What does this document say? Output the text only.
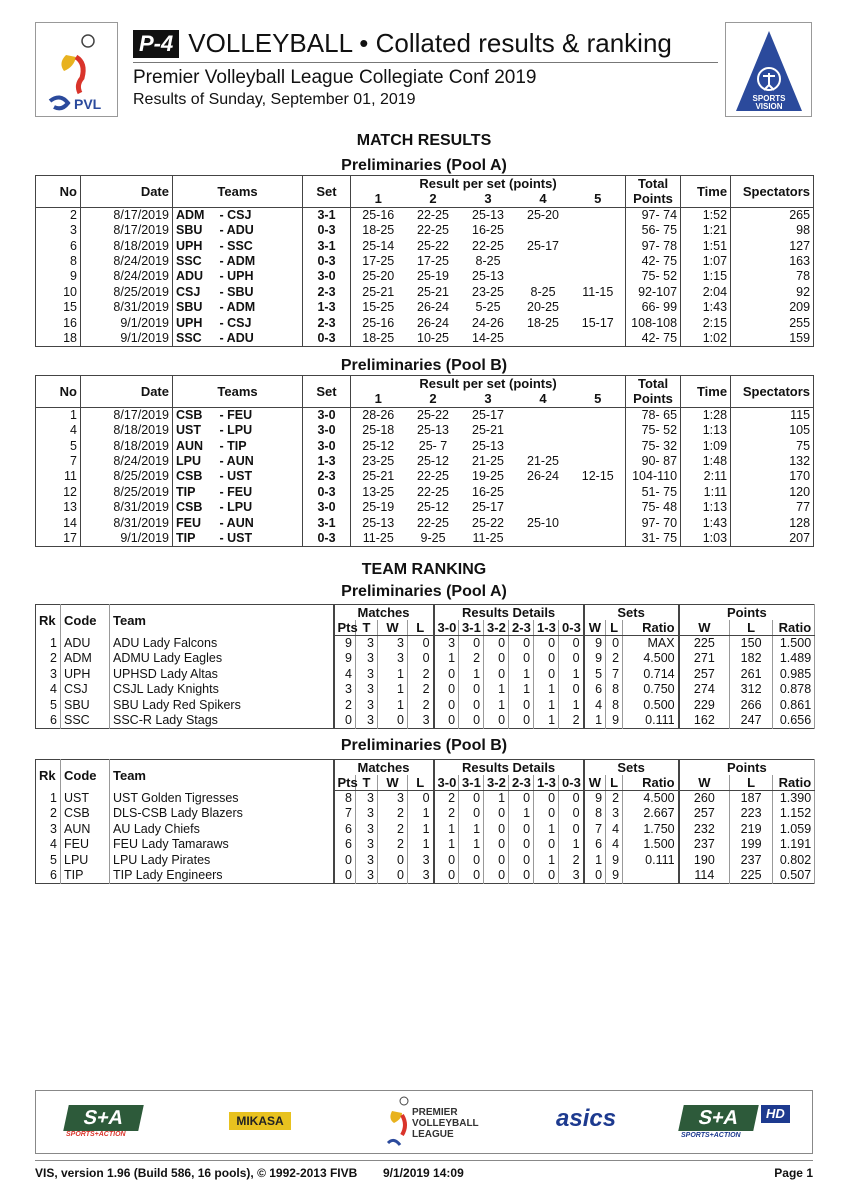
PVL
P-4 VOLLEYBALL • Collated results & ranking
Premier Volleyball League Collegiate Conf 2019
Results of Sunday, September 01, 2019	SPORTS
VISION
MATCH RESULTS
Preliminaries (Pool A)
No	Date	Teams		Set	Result per set (points)					Total	Time	Spectators
					1	2	3	4	5	Points		
2	8/17/2019	ADM	- CSJ	3-1	25-16	22-25	25-13	25-20		97- 74	1:52	265
3	8/17/2019	SBU	- ADU	0-3	18-25	22-25	16-25			56- 75	1:21	98
6	8/18/2019	UPH	- SSC	3-1	25-14	25-22	22-25	25-17		97- 78	1:51	127
8	8/24/2019	SSC	- ADM	0-3	17-25	17-25	8-25			42- 75	1:07	163
9	8/24/2019	ADU	- UPH	3-0	25-20	25-19	25-13			75- 52	1:15	78
10	8/25/2019	CSJ	- SBU	2-3	25-21	25-21	23-25	8-25	11-15	92-107	2:04	92
15	8/31/2019	SBU	- ADM	1-3	15-25	26-24	5-25	20-25		66- 99	1:43	209
16	9/1/2019	UPH	- CSJ	2-3	25-16	26-24	24-26	18-25	15-17	108-108	2:15	255
18	9/1/2019	SSC	- ADU	0-3	18-25	10-25	14-25			42- 75	1:02	159
Preliminaries (Pool B)
No	Date	Teams		Set	Result per set (points)					Total	Time	Spectators
					1	2	3	4	5	Points		
1	8/17/2019	CSB	- FEU	3-0	28-26	25-22	25-17			78- 65	1:28	115
4	8/18/2019	UST	- LPU	3-0	25-18	25-13	25-21			75- 52	1:13	105
5	8/18/2019	AUN	- TIP	3-0	25-12	25- 7	25-13			75- 32	1:09	75
7	8/24/2019	LPU	- AUN	1-3	23-25	25-12	21-25	21-25		90- 87	1:48	132
11	8/25/2019	CSB	- UST	2-3	25-21	22-25	19-25	26-24	12-15	104-110	2:11	170
12	8/25/2019	TIP	- FEU	0-3	13-25	22-25	16-25			51- 75	1:11	120
13	8/31/2019	CSB	- LPU	3-0	25-19	25-12	25-17			75- 48	1:13	77
14	8/31/2019	FEU	- AUN	3-1	25-13	22-25	25-22	25-10		97- 70	1:43	128
17	9/1/2019	TIP	- UST	0-3	11-25	9-25	11-25			31- 75	1:03	207
TEAM RANKING
Preliminaries (Pool A)
Rk	Code	Team	Matches				Results Details						Sets			Points		
			Pts	T	W	L	3-0	3-1	3-2	2-3	1-3	0-3	W	L	Ratio	W	L	Ratio
1	ADU	ADU Lady Falcons	9	3	3	0	3	0	0	0	0	0	9	0	MAX	225	150	1.500
2	ADM	ADMU Lady Eagles	9	3	3	0	1	2	0	0	0	0	9	2	4.500	271	182	1.489
3	UPH	UPHSD Lady Altas	4	3	1	2	0	1	0	1	0	1	5	7	0.714	257	261	0.985
4	CSJ	CSJL Lady Knights	3	3	1	2	0	0	1	1	1	0	6	8	0.750	274	312	0.878
5	SBU	SBU Lady Red Spikers	2	3	1	2	0	0	1	0	1	1	4	8	0.500	229	266	0.861
6	SSC	SSC-R Lady Stags	0	3	0	3	0	0	0	0	1	2	1	9	0.111	162	247	0.656
Preliminaries (Pool B)
Rk	Code	Team	Matches				Results Details						Sets			Points		
			Pts	T	W	L	3-0	3-1	3-2	2-3	1-3	0-3	W	L	Ratio	W	L	Ratio
1	UST	UST Golden Tigresses	8	3	3	0	2	0	1	0	0	0	9	2	4.500	260	187	1.390
2	CSB	DLS-CSB Lady Blazers	7	3	2	1	2	0	0	1	0	0	8	3	2.667	257	223	1.152
3	AUN	AU Lady Chiefs	6	3	2	1	1	1	0	0	1	0	7	4	1.750	232	219	1.059
4	FEU	FEU Lady Tamaraws	6	3	2	1	1	1	0	0	0	1	6	4	1.500	237	199	1.191
5	LPU	LPU Lady Pirates	0	3	0	3	0	0	0	0	1	2	1	9	0.111	190	237	0.802
6	TIP	TIP Lady Engineers	0	3	0	3	0	0	0	0	0	3	0	9		114	225	0.507
S+A
SPORTS+ACTION
MIKASA
PREMIER VOLLEYBALL LEAGUE
asics	S+A	HD
SPORTS+ACTION
VIS, version 1.96 (Build 586, 16 pools), © 1992-2013 FIVB 9/1/2019 14:09	Page 1
